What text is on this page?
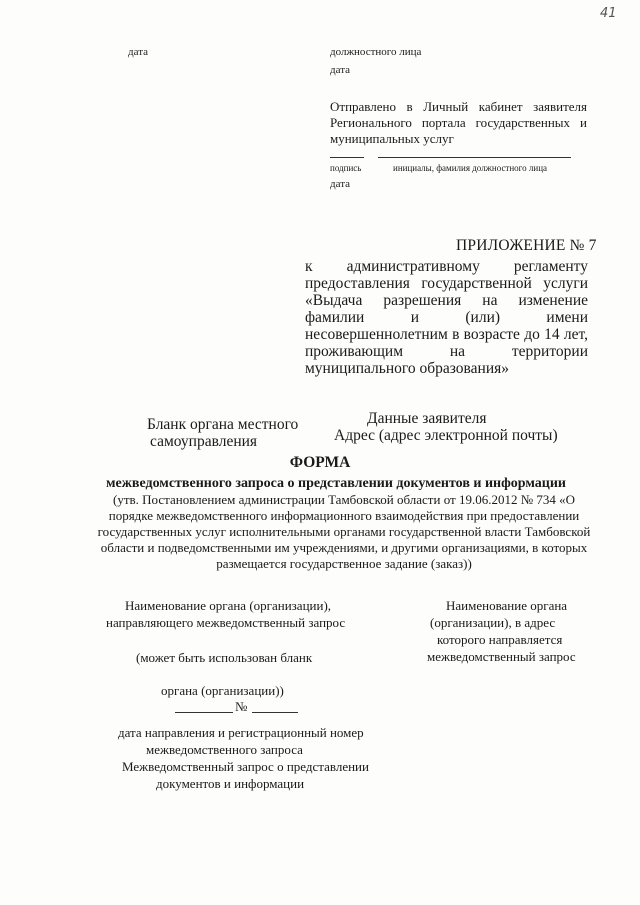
41
дата	должностного лица
дата
Отправлено в Личный кабинет заявителя
Регионального портала государственных и
муниципальных услуг
подпись	инициалы, фамилия должностного лица
дата
ПРИЛОЖЕНИЕ № 7
к административному регламенту
предоставления государственной услуги
«Выдача разрешения на изменение
фамилии и (или) имени
несовершеннолетним в возрасте до 14 лет,
проживающим на территории
муниципального образования»
Бланк органа местного
самоуправления
Данные заявителя
Адрес (адрес электронной почты)
ФОРМА
межведомственного запроса о представлении документов и информации
(утв. Постановлением администрации Тамбовской области от 19.06.2012 № 734 «О
порядке межведомственного информационного взаимодействия при предоставлении
государственных услуг исполнительными органами государственной власти Тамбовской
области и подведомственными им учреждениями, и другими организациями, в которых
размещается государственное задание (заказ))
Наименование органа (организации),
направляющего межведомственный запрос
(может быть использован бланк
органа (организации))
№
Наименование органа
(организации), в адрес
которого направляется
межведомственный запрос
дата направления и регистрационный номер
межведомственного запроса
Межведомственный запрос о представлении
документов и информации
